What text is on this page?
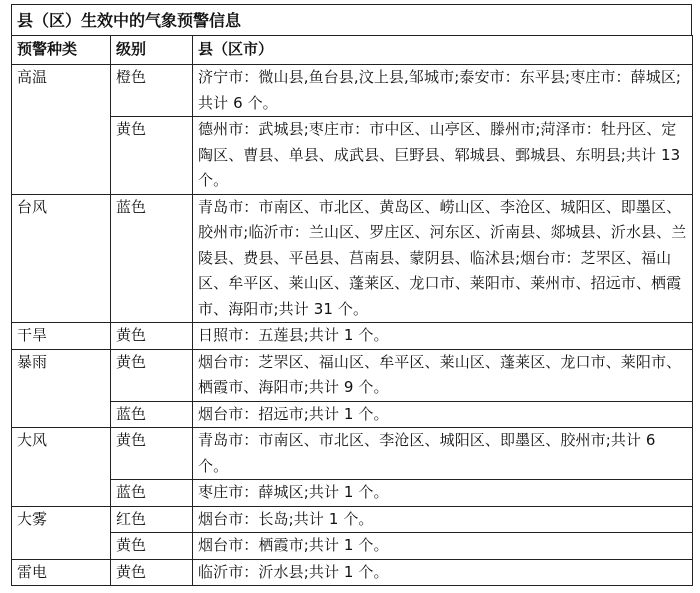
县（区）生效中的气象预警信息
预警种类	级别	县（区市）
高温	橙色	济宁市：微山县,鱼台县,汶上县,邹城市;泰安市：东平县;枣庄市：薛城区;共计 6 个。
	黄色	德州市：武城县;枣庄市：市中区、山亭区、滕州市;菏泽市：牡丹区、定陶区、曹县、单县、成武县、巨野县、郓城县、鄄城县、东明县;共计 13 个。
台风	蓝色	青岛市：市南区、市北区、黄岛区、崂山区、李沧区、城阳区、即墨区、胶州市;临沂市：兰山区、罗庄区、河东区、沂南县、郯城县、沂水县、兰陵县、费县、平邑县、莒南县、蒙阴县、临沭县;烟台市：芝罘区、福山区、牟平区、莱山区、蓬莱区、龙口市、莱阳市、莱州市、招远市、栖霞市、海阳市;共计 31 个。
干旱	黄色	日照市：五莲县;共计 1 个。
暴雨	黄色	烟台市：芝罘区、福山区、牟平区、莱山区、蓬莱区、龙口市、莱阳市、栖霞市、海阳市;共计 9 个。
	蓝色	烟台市：招远市;共计 1 个。
大风	黄色	青岛市：市南区、市北区、李沧区、城阳区、即墨区、胶州市;共计 6 个。
	蓝色	枣庄市：薛城区;共计 1 个。
大雾	红色	烟台市：长岛;共计 1 个。
	黄色	烟台市：栖霞市;共计 1 个。
雷电	黄色	临沂市：沂水县;共计 1 个。
